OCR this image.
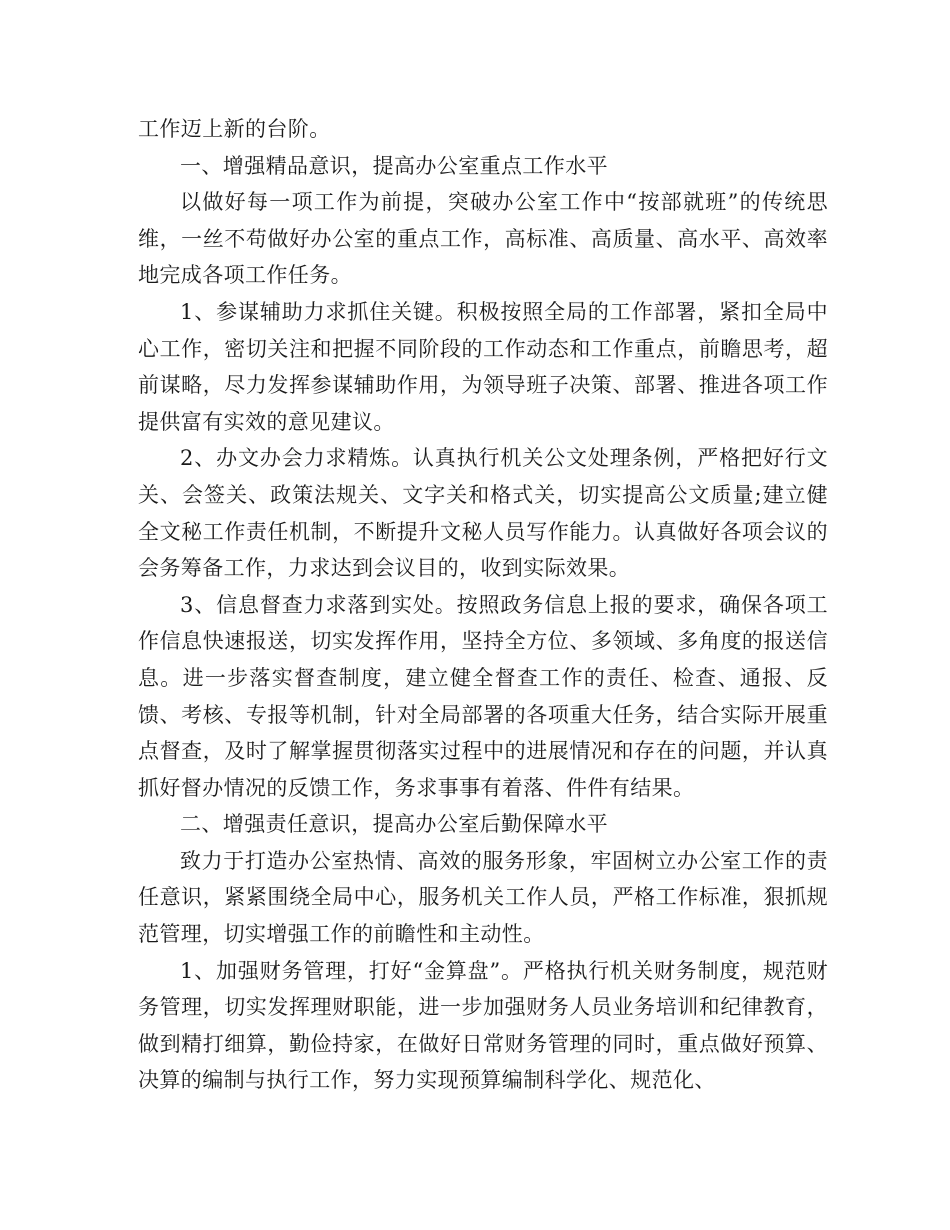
工作迈上新的台阶。

一、增强精品意识，提高办公室重点工作水平

以做好每一项工作为前提，突破办公室工作中“按部就班”的传统思维，一丝不苟做好办公室的重点工作，高标准、高质量、高水平、高效率地完成各项工作任务。

1、参谋辅助力求抓住关键。积极按照全局的工作部署，紧扣全局中心工作，密切关注和把握不同阶段的工作动态和工作重点，前瞻思考，超前谋略，尽力发挥参谋辅助作用，为领导班子决策、部署、推进各项工作提供富有实效的意见建议。

2、办文办会力求精炼。认真执行机关公文处理条例，严格把好行文关、会签关、政策法规关、文字关和格式关，切实提高公文质量;建立健全文秘工作责任机制，不断提升文秘人员写作能力。认真做好各项会议的会务筹备工作，力求达到会议目的，收到实际效果。

3、信息督查力求落到实处。按照政务信息上报的要求，确保各项工作信息快速报送，切实发挥作用，坚持全方位、多领域、多角度的报送信息。进一步落实督查制度，建立健全督查工作的责任、检查、通报、反馈、考核、专报等机制，针对全局部署的各项重大任务，结合实际开展重点督查，及时了解掌握贯彻落实过程中的进展情况和存在的问题，并认真抓好督办情况的反馈工作，务求事事有着落、件件有结果。

二、增强责任意识，提高办公室后勤保障水平

致力于打造办公室热情、高效的服务形象，牢固树立办公室工作的责任意识，紧紧围绕全局中心，服务机关工作人员，严格工作标准，狠抓规范管理，切实增强工作的前瞻性和主动性。

1、加强财务管理，打好“金算盘”。严格执行机关财务制度，规范财务管理，切实发挥理财职能，进一步加强财务人员业务培训和纪律教育，做到精打细算，勤俭持家，在做好日常财务管理的同时，重点做好预算、决算的编制与执行工作，努力实现预算编制科学化、规范化、
